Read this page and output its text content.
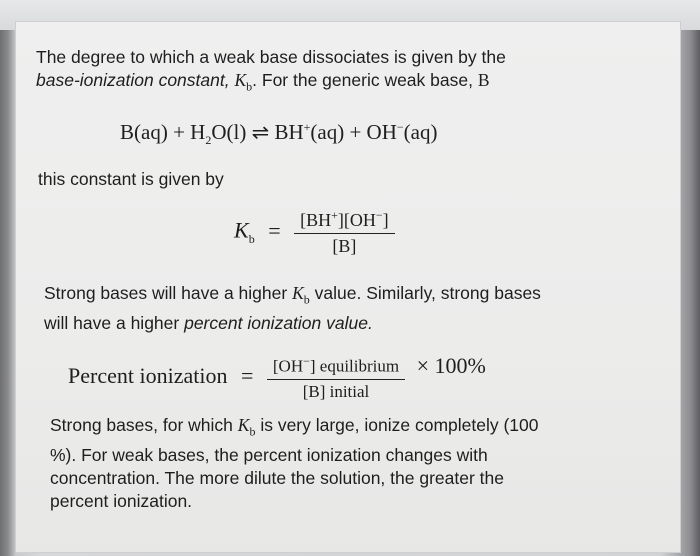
The degree to which a weak base dissociates is given by the
base-ionization constant, $K_b$. For the generic weak base, B

$B(aq) + H_2O(l)$ ⇌ BH+(aq) + OH−(aq)

this constant is given by

$K_b = \frac{[BH^+][OH^-]}{[B]}$

Strong bases will have a higher $K_b$ value. Similarly, strong bases
will have a higher percent ionization value.

Percent ionization = $\frac{[OH^-] equilibrium}{\text{[B] initial}} \times 100\%$

Strong bases, for which $K_b$ is very large, ionize completely (100
%). For weak bases, the percent ionization changes with
concentration. The more dilute the solution, the greater the
percent ionization.
